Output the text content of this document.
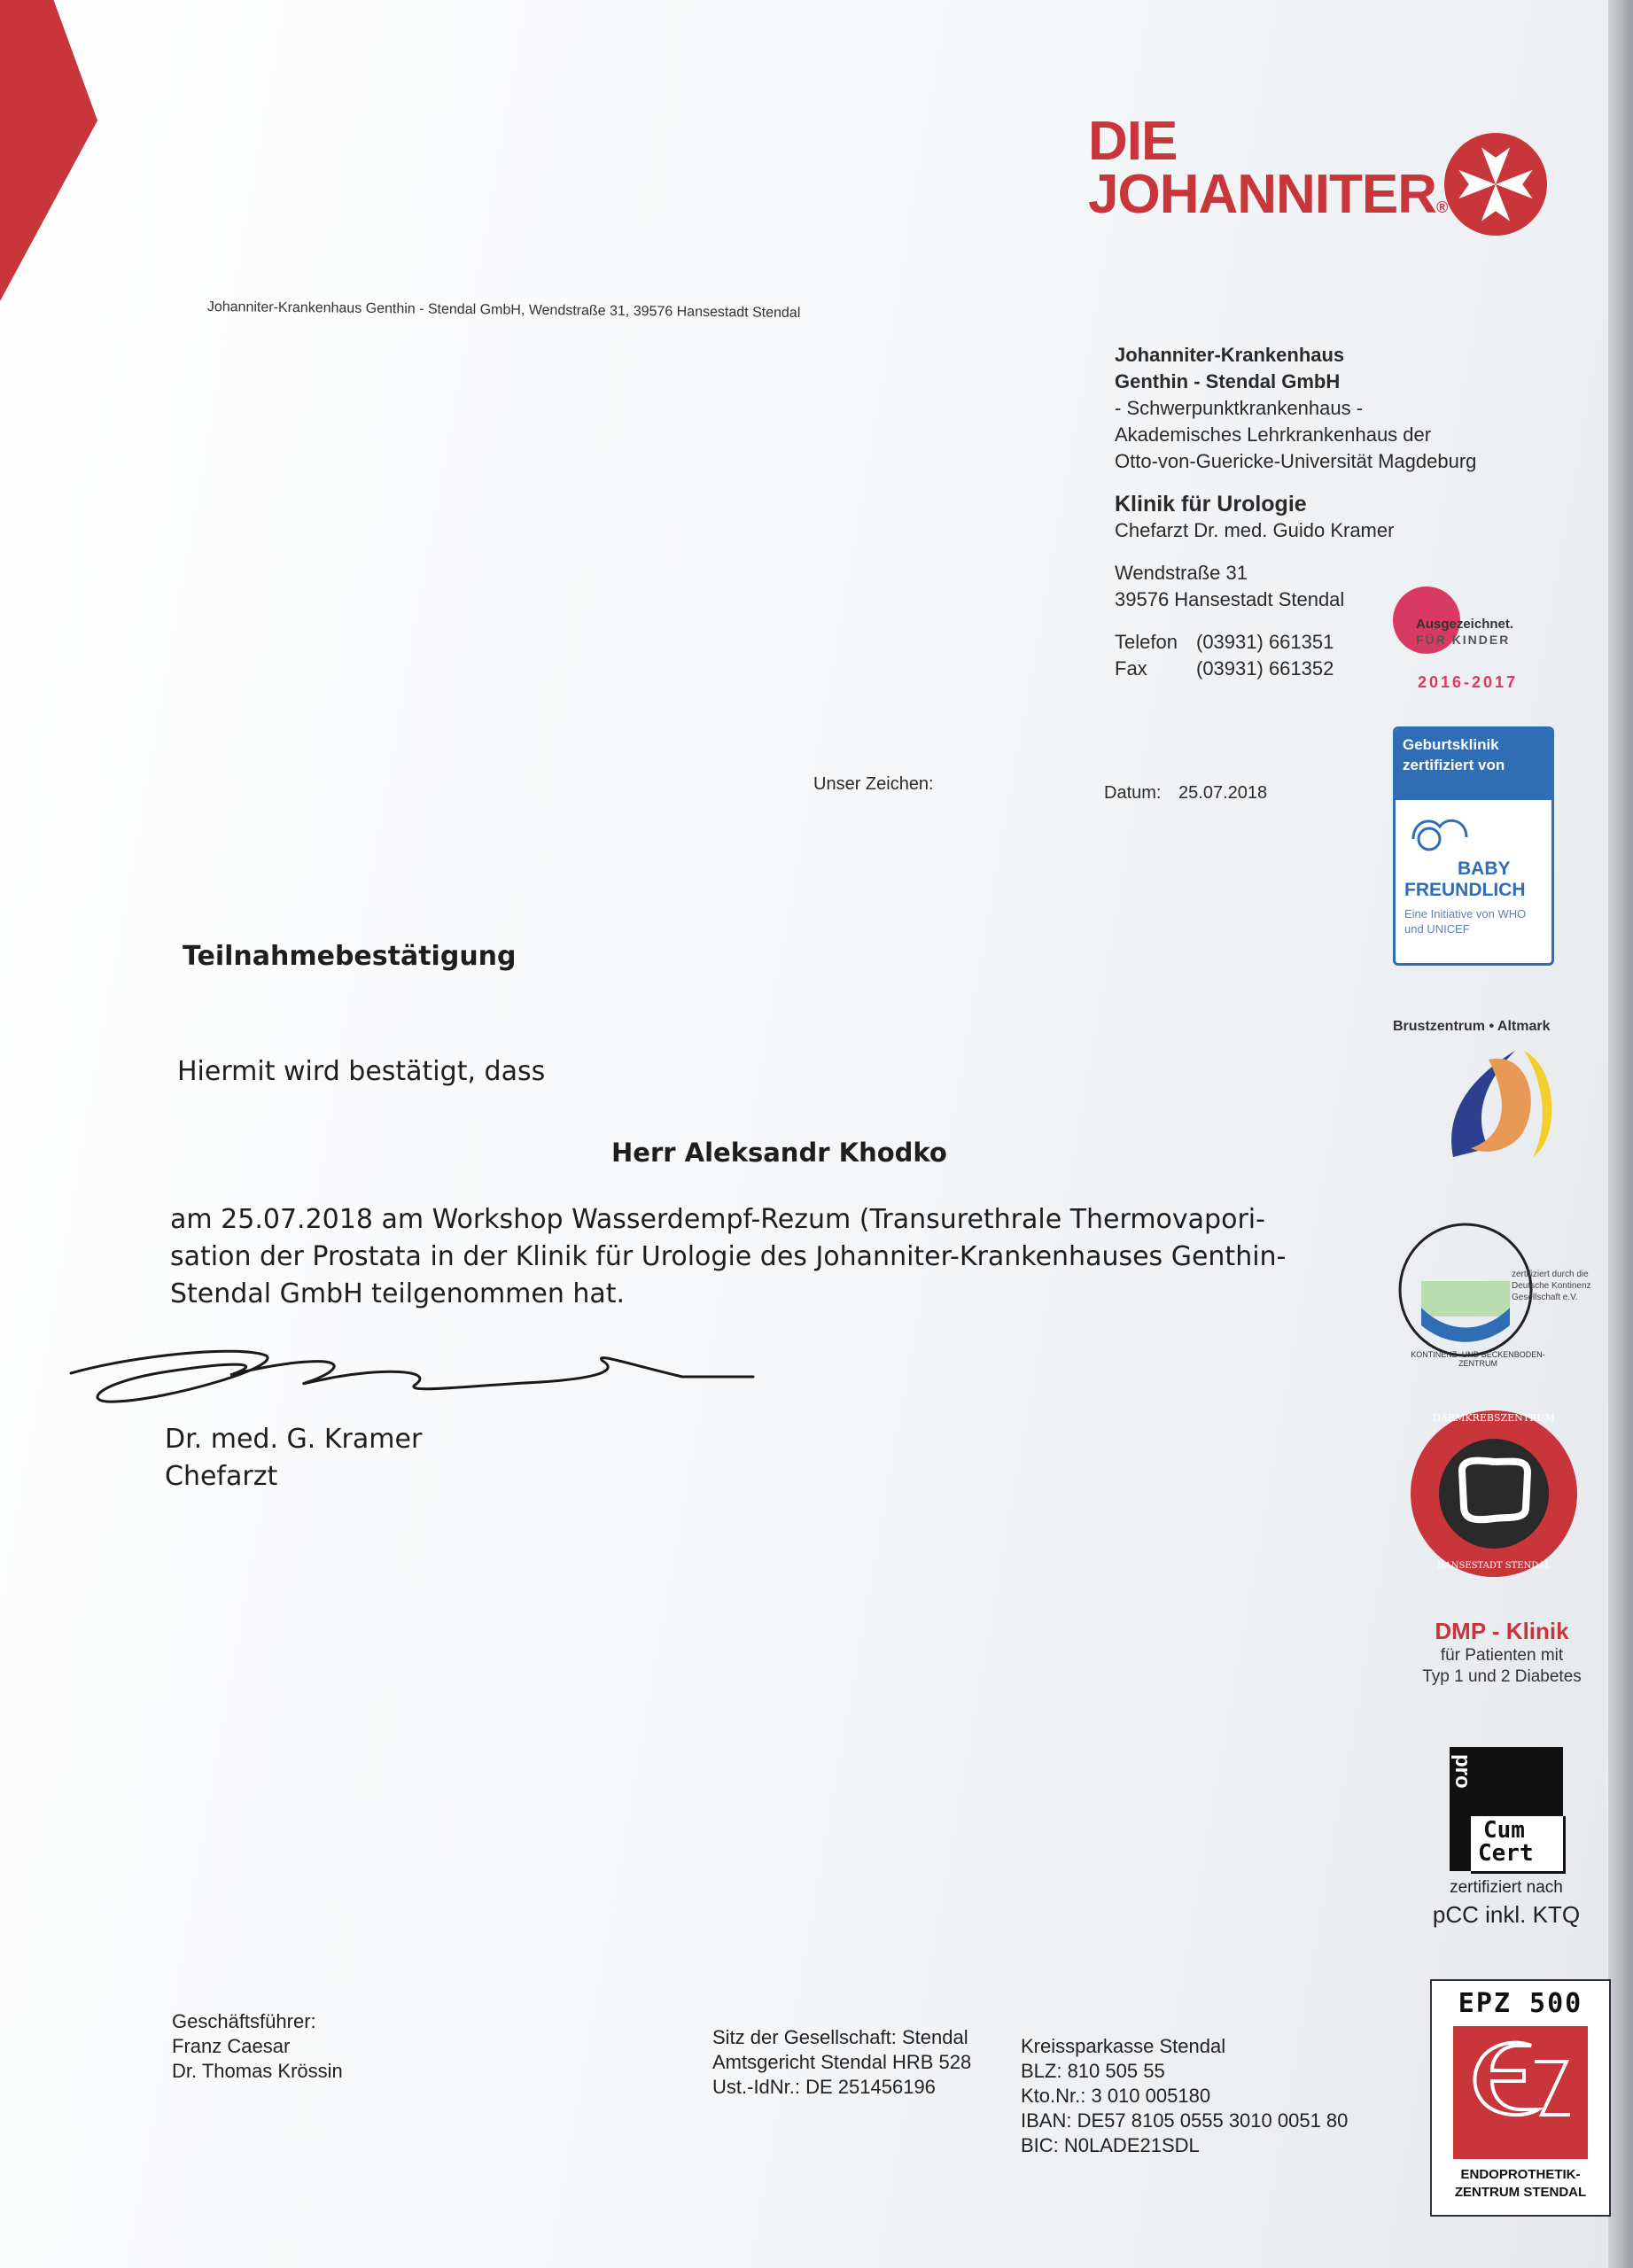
DIE
JOHANNITER®
Johanniter-Krankenhaus Genthin - Stendal GmbH, Wendstraße 31, 39576 Hansestadt Stendal
Johanniter-Krankenhaus
Genthin - Stendal GmbH
- Schwerpunktkrankenhaus -
Akademisches Lehrkrankenhaus der
Otto-von-Guericke-Universität Magdeburg
Klinik für Urologie
Chefarzt Dr. med. Guido Kramer
Wendstraße 31
39576 Hansestadt Stendal
Telefon (03931) 661351
Fax	(03931) 661352
Unser Zeichen:	Datum: 25.07.2018
Teilnahmebestätigung
Hiermit wird bestätigt, dass
Herr Aleksandr Khodko
am 25.07.2018 am Workshop Wasserdempf-Rezum (Transurethrale Thermovapori-
sation der Prostata in der Klinik für Urologie des Johanniter-Krankenhauses Genthin-
Stendal GmbH teilgenommen hat.
Dr. med. G. Kramer
Chefarzt
Geschäftsführer:
Franz Caesar
Dr. Thomas Krössin
Sitz der Gesellschaft: Stendal
Amtsgericht Stendal HRB 528
Ust.-IdNr.: DE 251456196
Kreissparkasse Stendal
BLZ: 810 505 55
Kto.Nr.: 3 010 005180
IBAN: DE57 8105 0555 3010 0051 80
BIC: N0LADE21SDL
Ausgezeichnet.
FÜR KINDER
2016-2017
Geburtsklinik
zertifiziert von
BABY
FREUNDLICH
Eine Initiative von WHO
und UNICEF
Brustzentrum • Altmark
KONTINENZ- UND BECKENBODEN-ZENTRUM
zertifiziert durch die
Deutsche Kontinenz
Gesellschaft e.V.
DARMKREBSZENTRUM
HANSESTADT STENDAL
DMP - Klinik
für Patienten mit
Typ 1 und 2 Diabetes
pro
Cum
Cert
zertifiziert nach
pCC inkl. KTQ
EPZ 500
ENDOPROTHETIK-
ZENTRUM STENDAL
